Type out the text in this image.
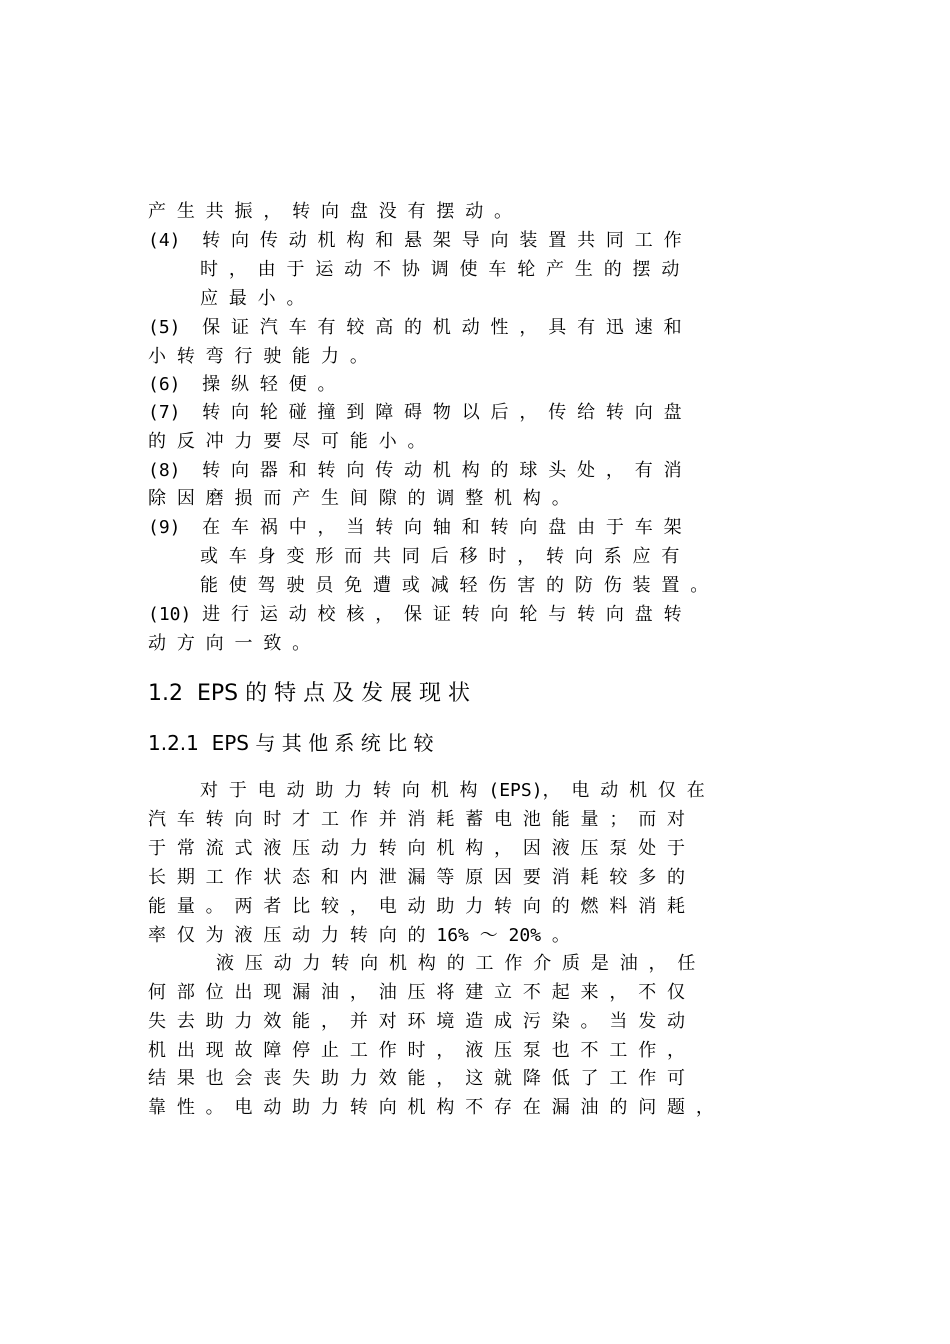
产 生 共 振 ， 转 向 盘 没 有 摆 动 。
(4)  转 向 传 动 机 构 和 悬 架 导 向 装 置 共 同 工 作
时 ， 由 于 运 动 不 协 调 使 车 轮 产 生 的 摆 动
应 最 小 。
(5)  保 证 汽 车 有 较 高 的 机 动 性 ， 具 有 迅 速 和
小 转 弯 行 驶 能 力 。
(6)  操 纵 轻 便 。
(7)  转 向 轮 碰 撞 到 障 碍 物 以 后 ， 传 给 转 向 盘
的 反 冲 力 要 尽 可 能 小 。
(8)  转 向 器 和 转 向 传 动 机 构 的 球 头 处 ， 有 消
除 因 磨 损 而 产 生 间 隙 的 调 整 机 构 。
(9)  在 车 祸 中 ， 当 转 向 轴 和 转 向 盘 由 于 车 架
或 车 身 变 形 而 共 同 后 移 时 ， 转 向 系 应 有
能 使 驾 驶 员 免 遭 或 减 轻 伤 害 的 防 伤 装 置 。
(10) 进 行 运 动 校 核 ， 保 证 转 向 轮 与 转 向 盘 转
动 方 向 一 致 。
1.2  EPS 的 特 点 及 发 展 现 状
1.2.1  EPS 与 其 他 系 统 比 较
对 于 电 动 助 力 转 向 机 构 (EPS)， 电 动 机 仅 在
汽 车 转 向 时 才 工 作 并 消 耗 蓄 电 池 能 量 ； 而 对
于 常 流 式 液 压 动 力 转 向 机 构 ， 因 液 压 泵 处 于
长 期 工 作 状 态 和 内 泄 漏 等 原 因 要 消 耗 较 多 的
能 量 。 两 者 比 较 ， 电 动 助 力 转 向 的 燃 料 消 耗
率 仅 为 液 压 动 力 转 向 的 16% ～ 20% 。
液 压 动 力 转 向 机 构 的 工 作 介 质 是 油 ， 任
何 部 位 出 现 漏 油 ， 油 压 将 建 立 不 起 来 ， 不 仅
失 去 助 力 效 能 ， 并 对 环 境 造 成 污 染 。 当 发 动
机 出 现 故 障 停 止 工 作 时 ， 液 压 泵 也 不 工 作 ，
结 果 也 会 丧 失 助 力 效 能 ， 这 就 降 低 了 工 作 可
靠 性 。 电 动 助 力 转 向 机 构 不 存 在 漏 油 的 问 题 ，
